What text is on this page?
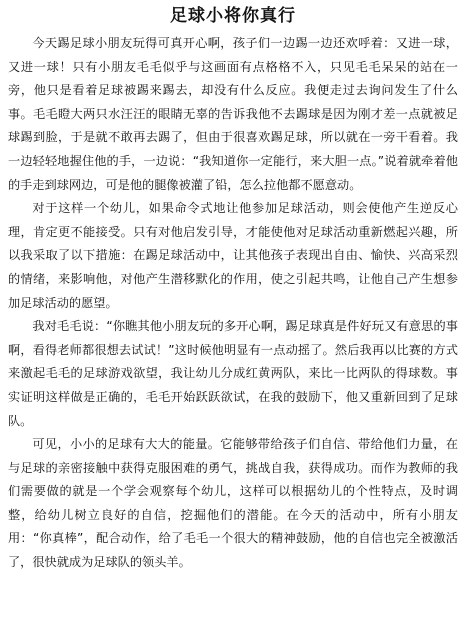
足球小将你真行

今天踢足球小朋友玩得可真开心啊，孩子们一边踢一边还欢呼着：又进一球，又进一球！只有小朋友毛毛似乎与这画面有点格格不入，只见毛毛呆呆的站在一旁，他只是看着足球被踢来踢去，却没有什么反应。我便走过去询问发生了什么事。毛毛瞪大两只水汪汪的眼睛无辜的告诉我他不去踢球是因为刚才差一点就被足球踢到脸，于是就不敢再去踢了，但由于很喜欢踢足球，所以就在一旁干看着。我一边轻轻地握住他的手，一边说：“我知道你一定能行，来大胆一点。”说着就牵着他的手走到球网边，可是他的腿像被灌了铅，怎么拉他都不愿意动。

对于这样一个幼儿，如果命令式地让他参加足球活动，则会使他产生逆反心理，肯定更不能接受。只有对他启发引导，才能使他对足球活动重新燃起兴趣，所以我采取了以下措施：在踢足球活动中，让其他孩子表现出自由、愉快、兴高采烈的情绪，来影响他，对他产生潜移默化的作用，使之引起共鸣，让他自己产生想参加足球活动的愿望。

我对毛毛说：“你瞧其他小朋友玩的多开心啊，踢足球真是件好玩又有意思的事啊，看得老师都很想去试试！”这时候他明显有一点动摇了。然后我再以比赛的方式来激起毛毛的足球游戏欲望，我让幼儿分成红黄两队，来比一比两队的得球数。事实证明这样做是正确的，毛毛开始跃跃欲试，在我的鼓励下，他又重新回到了足球队。

可见，小小的足球有大大的能量。它能够带给孩子们自信、带给他们力量，在与足球的亲密接触中获得克服困难的勇气，挑战自我，获得成功。而作为教师的我们需要做的就是一个学会观察每个幼儿，这样可以根据幼儿的个性特点，及时调整，给幼儿树立良好的自信，挖掘他们的潜能。在今天的活动中，所有小朋友用：“你真棒”，配合动作，给了毛毛一个很大的精神鼓励，他的自信也完全被激活了，很快就成为足球队的领头羊。
